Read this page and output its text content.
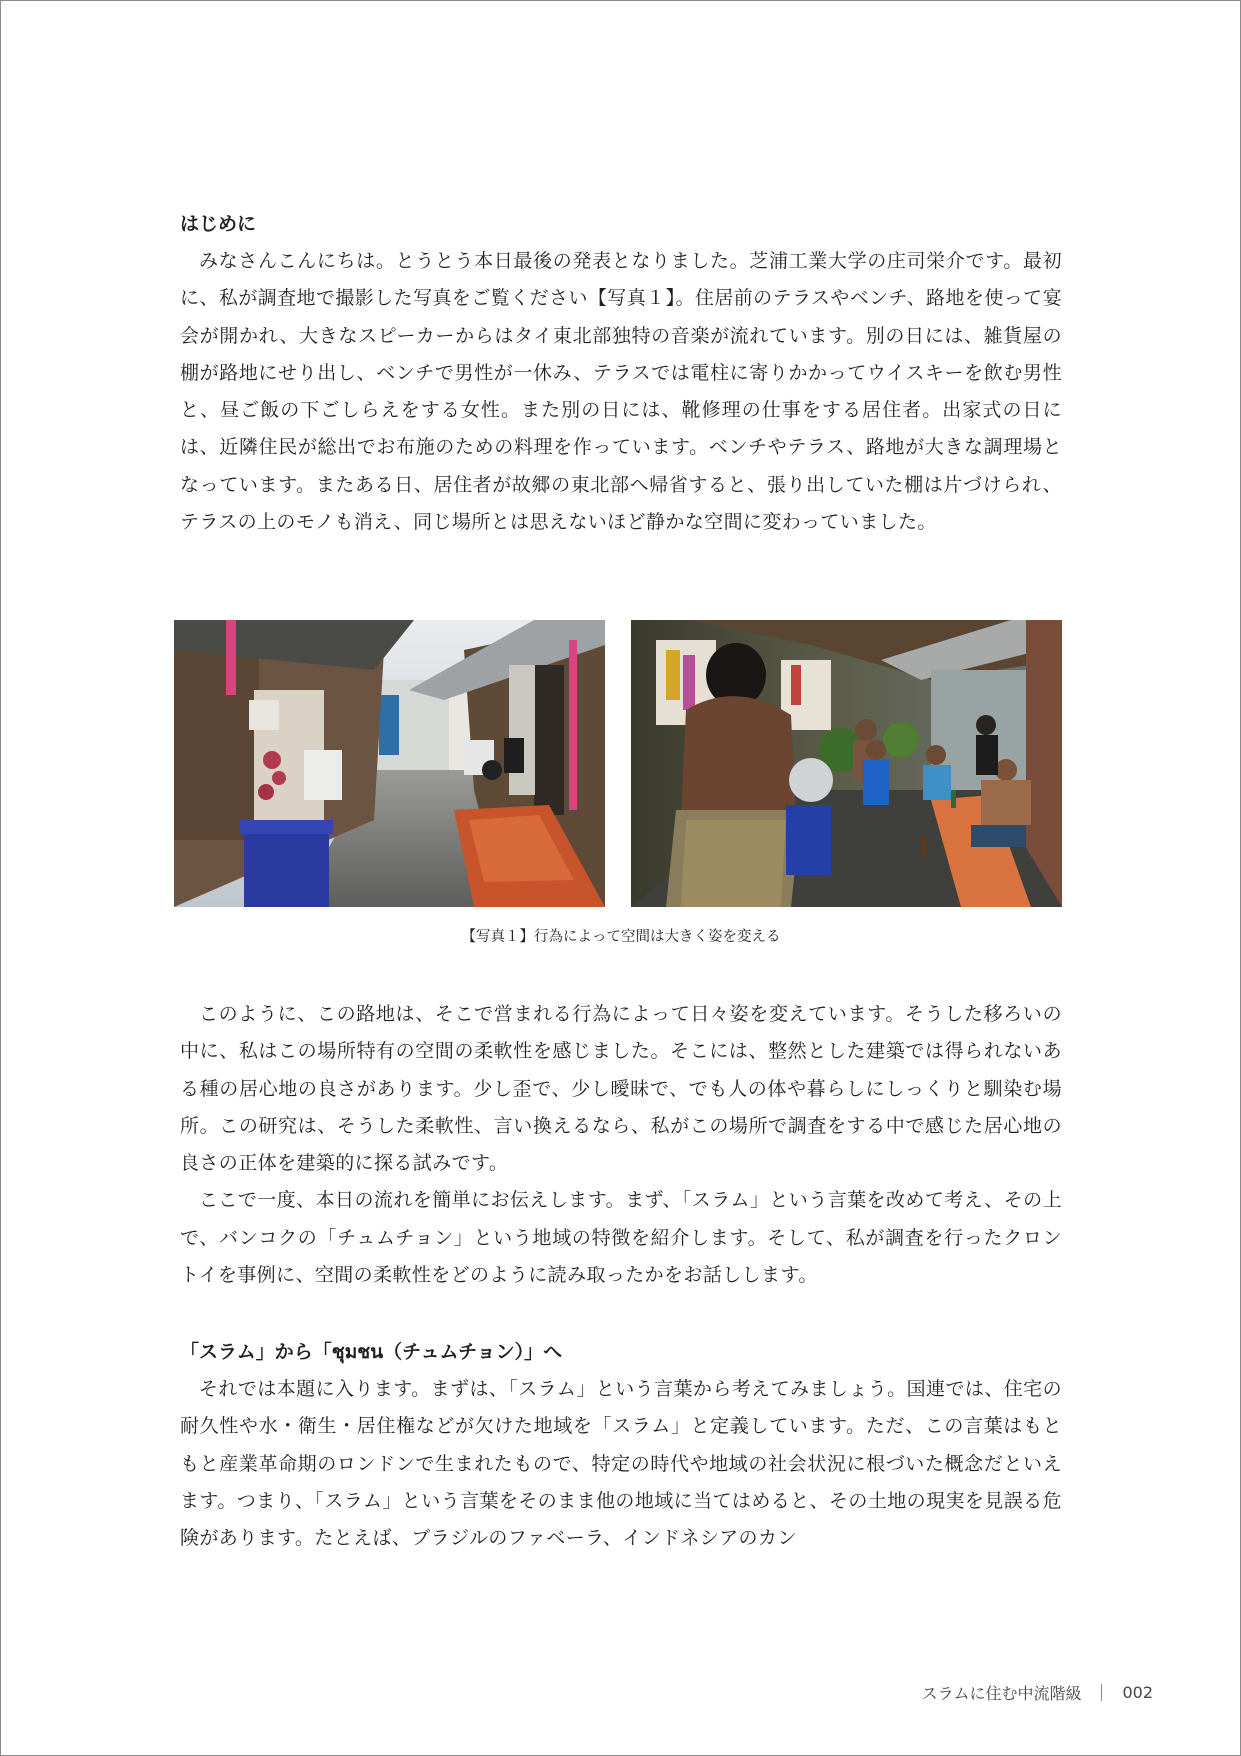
はじめに

みなさんこんにちは。とうとう本日最後の発表となりました。芝浦工業大学の庄司栄介です。最初に、私が調査地で撮影した写真をご覧ください【写真１】。住居前のテラスやベンチ、路地を使って宴会が開かれ、大きなスピーカーからはタイ東北部独特の音楽が流れています。別の日には、雑貨屋の棚が路地にせり出し、ベンチで男性が一休み、テラスでは電柱に寄りかかってウイスキーを飲む男性と、昼ご飯の下ごしらえをする女性。また別の日には、靴修理の仕事をする居住者。出家式の日には、近隣住民が総出でお布施のための料理を作っています。ベンチやテラス、路地が大きな調理場となっています。またある日、居住者が故郷の東北部へ帰省すると、張り出していた棚は片づけられ、テラスの上のモノも消え、同じ場所とは思えないほど静かな空間に変わっていました。

【写真１】行為によって空間は大きく姿を変える

このように、この路地は、そこで営まれる行為によって日々姿を変えています。そうした移ろいの中に、私はこの場所特有の空間の柔軟性を感じました。そこには、整然とした建築では得られないある種の居心地の良さがあります。少し歪で、少し曖昧で、でも人の体や暮らしにしっくりと馴染む場所。この研究は、そうした柔軟性、言い換えるなら、私がこの場所で調査をする中で感じた居心地の良さの正体を建築的に探る試みです。

ここで一度、本日の流れを簡単にお伝えします。まず、「スラム」という言葉を改めて考え、その上で、バンコクの「チュムチョン」という地域の特徴を紹介します。そして、私が調査を行ったクロントイを事例に、空間の柔軟性をどのように読み取ったかをお話しします。

「スラム」から「ชุมชน（チュムチョン）」へ

それでは本題に入ります。まずは、「スラム」という言葉から考えてみましょう。国連では、住宅の耐久性や水・衛生・居住権などが欠けた地域を「スラム」と定義しています。ただ、この言葉はもともと産業革命期のロンドンで生まれたもので、特定の時代や地域の社会状況に根づいた概念だといえます。つまり、「スラム」という言葉をそのまま他の地域に当てはめると、その土地の現実を見誤る危険があります。たとえば、ブラジルのファベーラ、インドネシアのカン

スラムに住む中流階級	002
